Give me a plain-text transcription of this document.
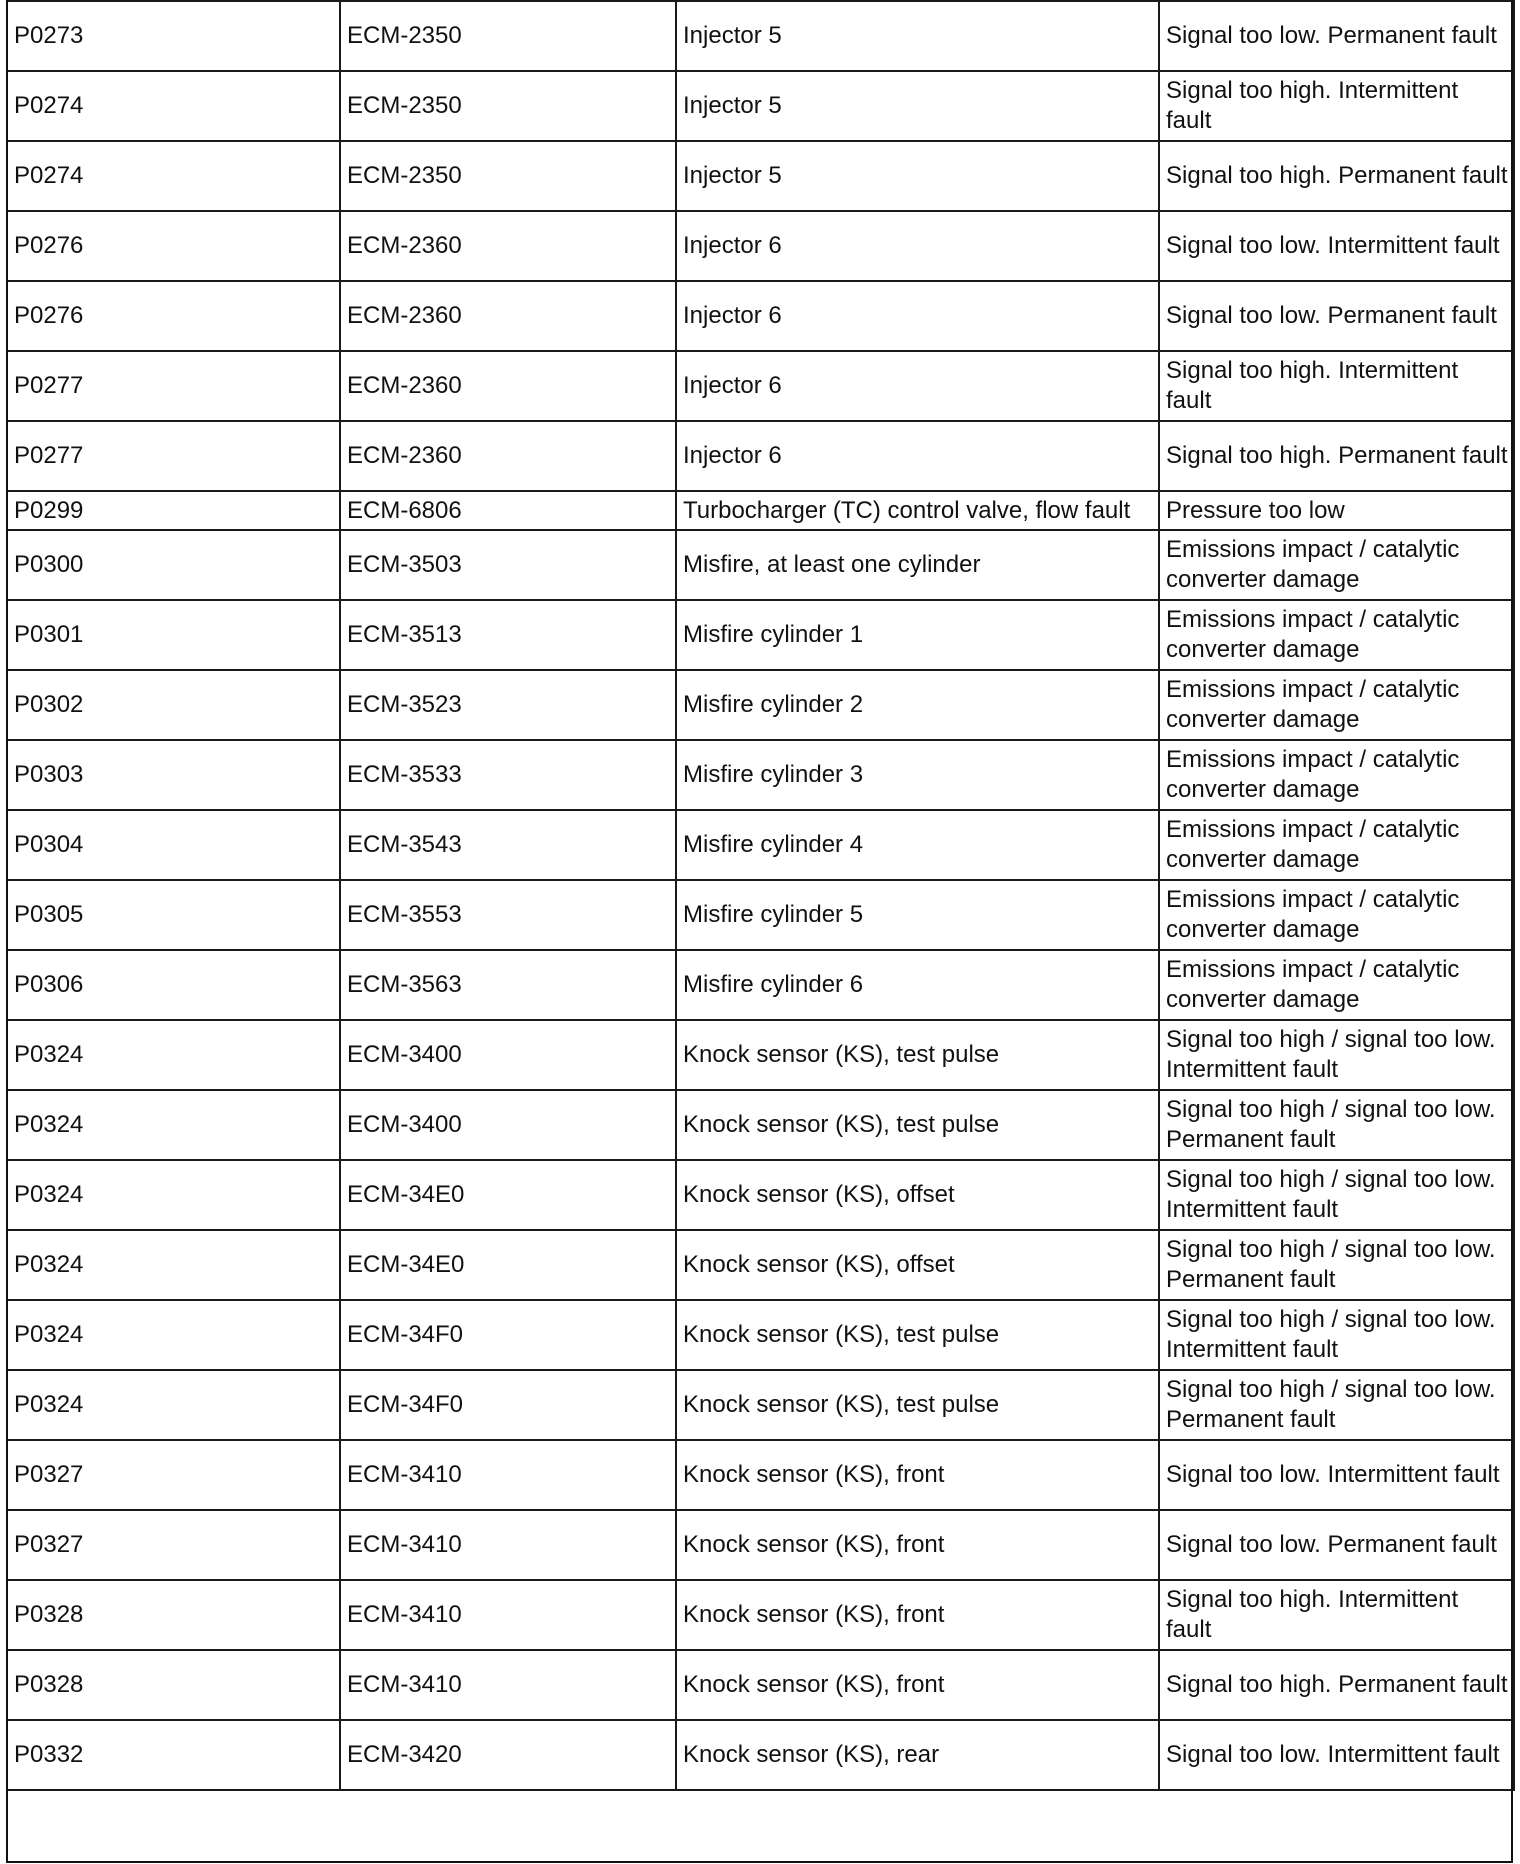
P0273	ECM-2350	Injector 5	Signal too low. Permanent fault
P0274	ECM-2350	Injector 5	Signal too high. Intermittent fault
P0274	ECM-2350	Injector 5	Signal too high. Permanent fault
P0276	ECM-2360	Injector 6	Signal too low. Intermittent fault
P0276	ECM-2360	Injector 6	Signal too low. Permanent fault
P0277	ECM-2360	Injector 6	Signal too high. Intermittent fault
P0277	ECM-2360	Injector 6	Signal too high. Permanent fault
P0299	ECM-6806	Turbocharger (TC) control valve, flow fault	Pressure too low
P0300	ECM-3503	Misfire, at least one cylinder	Emissions impact / catalytic converter damage
P0301	ECM-3513	Misfire cylinder 1	Emissions impact / catalytic converter damage
P0302	ECM-3523	Misfire cylinder 2	Emissions impact / catalytic converter damage
P0303	ECM-3533	Misfire cylinder 3	Emissions impact / catalytic converter damage
P0304	ECM-3543	Misfire cylinder 4	Emissions impact / catalytic converter damage
P0305	ECM-3553	Misfire cylinder 5	Emissions impact / catalytic converter damage
P0306	ECM-3563	Misfire cylinder 6	Emissions impact / catalytic converter damage
P0324	ECM-3400	Knock sensor (KS), test pulse	Signal too high / signal too low. Intermittent fault
P0324	ECM-3400	Knock sensor (KS), test pulse	Signal too high / signal too low. Permanent fault
P0324	ECM-34E0	Knock sensor (KS), offset	Signal too high / signal too low. Intermittent fault
P0324	ECM-34E0	Knock sensor (KS), offset	Signal too high / signal too low. Permanent fault
P0324	ECM-34F0	Knock sensor (KS), test pulse	Signal too high / signal too low. Intermittent fault
P0324	ECM-34F0	Knock sensor (KS), test pulse	Signal too high / signal too low. Permanent fault
P0327	ECM-3410	Knock sensor (KS), front	Signal too low. Intermittent fault
P0327	ECM-3410	Knock sensor (KS), front	Signal too low. Permanent fault
P0328	ECM-3410	Knock sensor (KS), front	Signal too high. Intermittent fault
P0328	ECM-3410	Knock sensor (KS), front	Signal too high. Permanent fault
P0332	ECM-3420	Knock sensor (KS), rear	Signal too low. Intermittent fault
